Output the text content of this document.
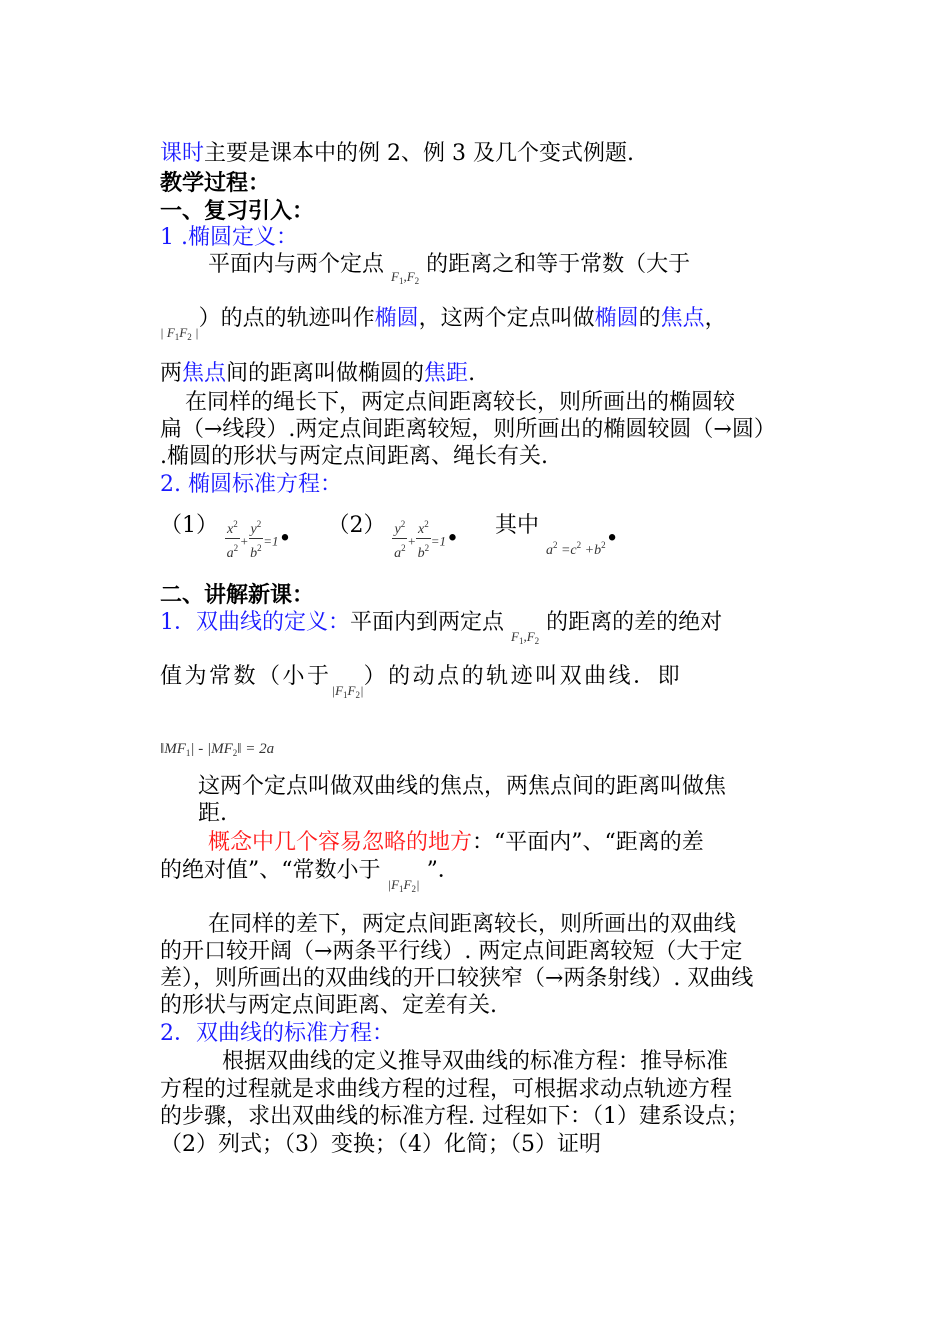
课时主要是课本中的例 2、例 3 及几个变式例题.
教学过程：
一、复习引入：
1 .椭圆定义：
平面内与两个定点 $_{F_1,F_2}$ 的距离之和等于常数（大于
$_{| F_1F_2 |}$）的点的轨迹叫作椭圆，这两个定点叫做椭圆的焦点，
两焦点间的距离叫做椭圆的焦距.
在同样的绳长下，两定点间距离较长，则所画出的椭圆较
扁（→线段）.两定点间距离较短，则所画出的椭圆较圆（→圆）
.椭圆的形状与两定点间距离、绳长有关.
2. 椭圆标准方程：
$(1) \frac{x^2}{a^2} + \frac{y^2}{b^2}$ =1•  $(2) \frac{y^2}{a^2} + \frac{x^2}{b^2}$ =1•  其中 $_{a^2 =c^2 +b^2}$•
二、讲解新课：
1．双曲线的定义：平面内到两定点 $_{F_1,F_2}$ 的距离的差的绝对
值为常数（小于$_{|F_1F_2|}$）的动点的轨迹叫双曲线．即
$‖MF_1|$ - $|MF_2‖ = 2a$
这两个定点叫做双曲线的焦点，两焦点间的距离叫做焦
距.
概念中几个容易忽略的地方：“平面内”、“距离的差
的绝对值”、“常数小于 $_{|F_1F_2|}$ ”．
在同样的差下，两定点间距离较长，则所画出的双曲线
的开口较开阔（→两条平行线）. 两定点间距离较短（大于定
差），则所画出的双曲线的开口较狭窄（→两条射线）. 双曲线
的形状与两定点间距离、定差有关.
2．双曲线的标准方程：
根据双曲线的定义推导双曲线的标准方程：推导标准
方程的过程就是求曲线方程的过程，可根据求动点轨迹方程
的步骤，求出双曲线的标准方程. 过程如下：（1）建系设点；
（2）列式；（3）变换；（4）化简；（5）证明
